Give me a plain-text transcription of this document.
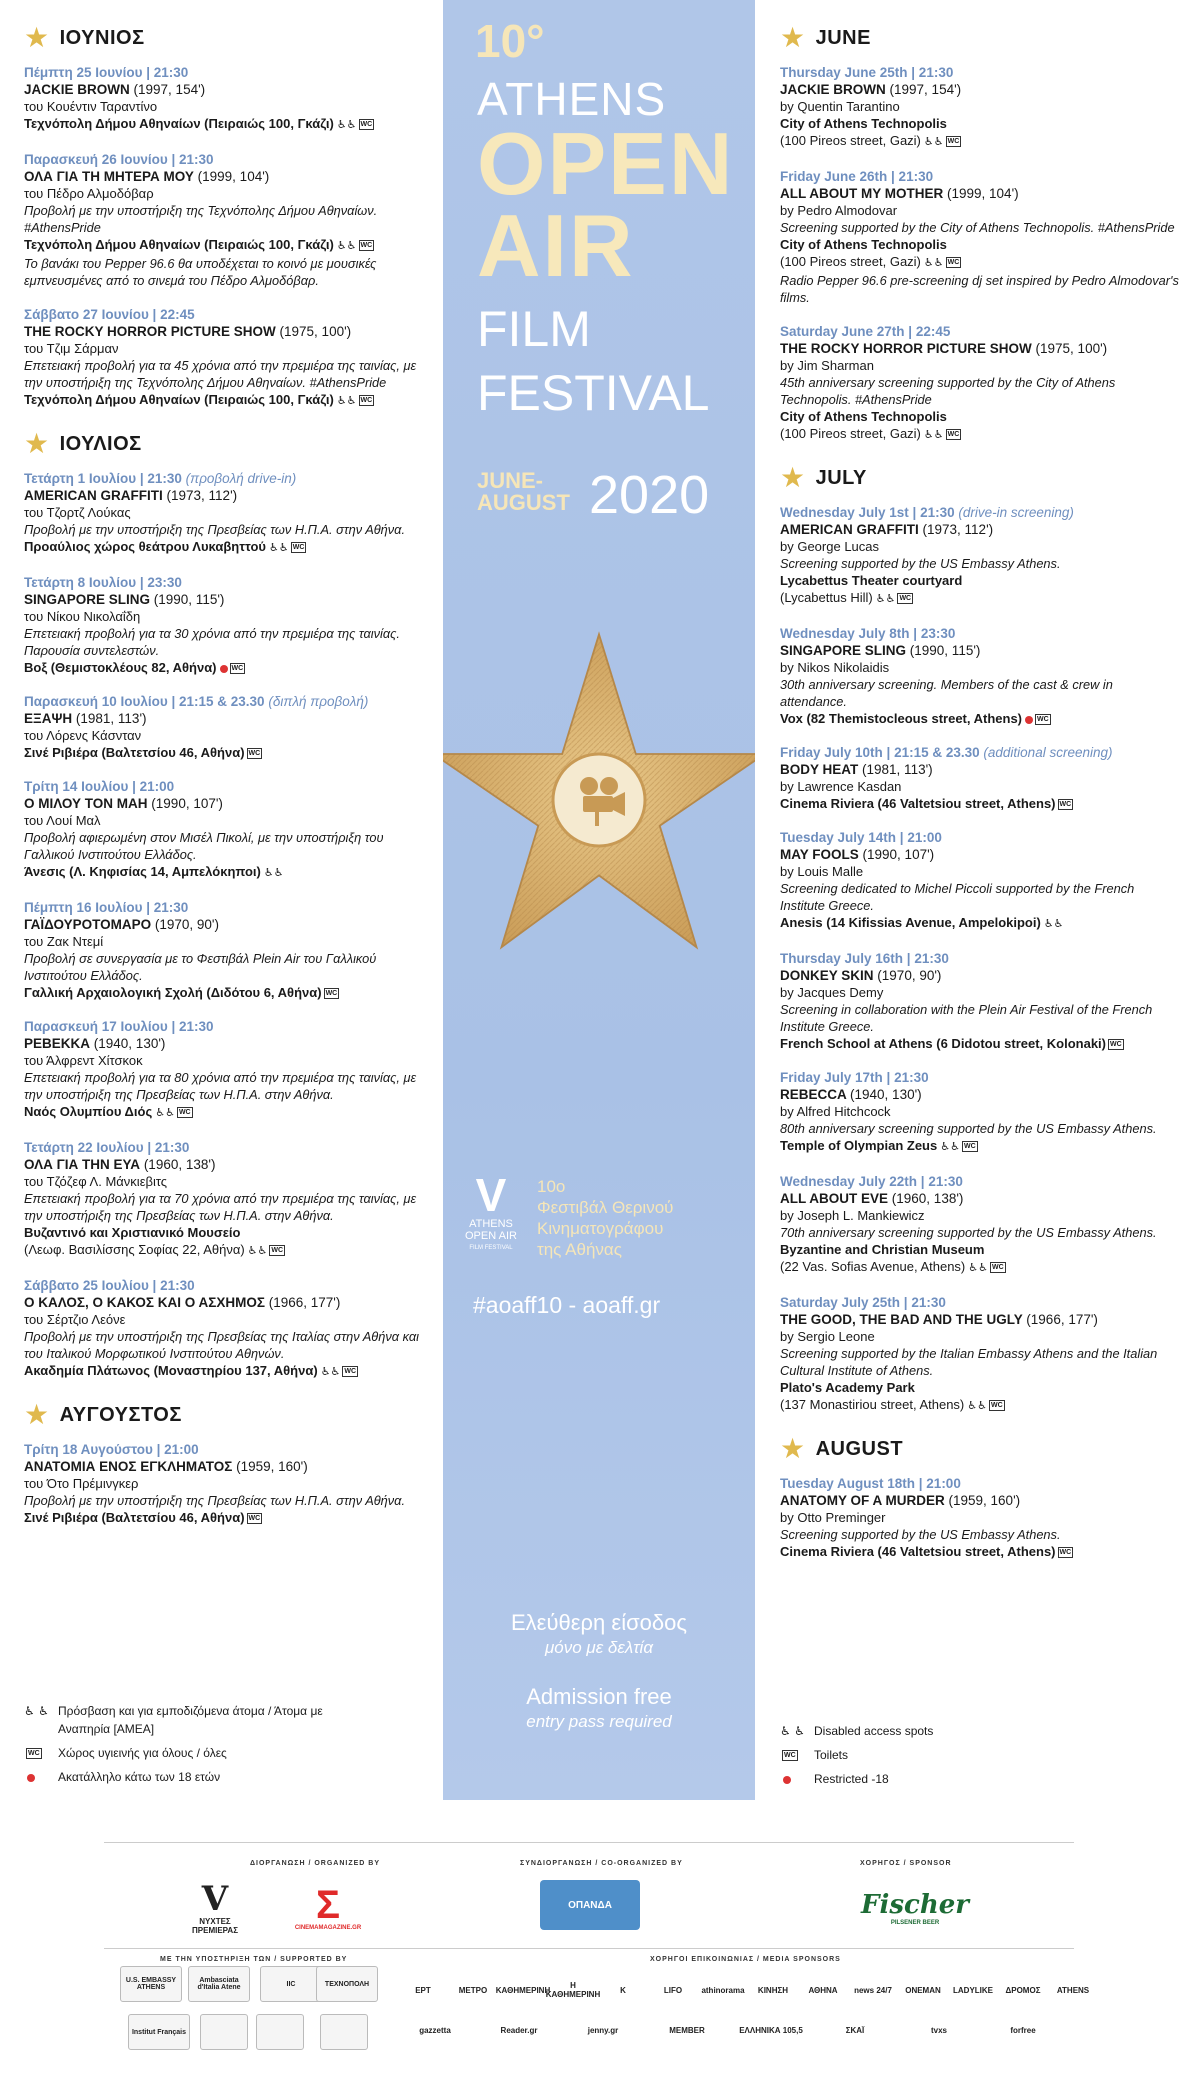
★ ΙΟΥΝΙΟΣ
Πέμπτη 25 Ιουνίου | 21:30
JACKIE BROWN (1997, 154')
του Κουέντιν Ταραντίνο
Τεχνόπολη Δήμου Αθηναίων (Πειραιώς 100, Γκάζι) ♿♿ WC
Παρασκευή 26 Ιουνίου | 21:30
ΟΛΑ ΓΙΑ ΤΗ ΜΗΤΕΡΑ ΜΟΥ (1999, 104')
του Πέδρο Αλμοδόβαρ
Προβολή με την υποστήριξη της Τεχνόπολης Δήμου Αθηναίων. #AthensPride
Τεχνόπολη Δήμου Αθηναίων (Πειραιώς 100, Γκάζι) ♿♿ WC
Το βανάκι του Pepper 96.6 θα υποδέχεται το κοινό με μουσικές εμπνευσμένες από το σινεμά του Πέδρο Αλμοδόβαρ.
Σάββατο 27 Ιουνίου | 22:45
THE ROCKY HORROR PICTURE SHOW (1975, 100')
του Τζιμ Σάρμαν
Επετειακή προβολή για τα 45 χρόνια από την πρεμιέρα της ταινίας, με την υποστήριξη της Τεχνόπολης Δήμου Αθηναίων. #AthensPride
Τεχνόπολη Δήμου Αθηναίων (Πειραιώς 100, Γκάζι) ♿♿ WC
★ ΙΟΥΛΙΟΣ
Τετάρτη 1 Ιουλίου | 21:30 (προβολή drive-in)
AMERICAN GRAFFITI (1973, 112')
του Τζορτζ Λούκας
Προβολή με την υποστήριξη της Πρεσβείας των Η.Π.Α. στην Αθήνα.
Προαύλιος χώρος θεάτρου Λυκαβηττού ♿♿ WC
Τετάρτη 8 Ιουλίου | 23:30
SINGAPORE SLING (1990, 115')
του Νίκου Νικολαΐδη
Επετειακή προβολή για τα 30 χρόνια από την πρεμιέρα της ταινίας. Παρουσία συντελεστών.
Βοξ (Θεμιστοκλέους 82, Αθήνα) WC
Παρασκευή 10 Ιουλίου | 21:15 & 23.30 (διπλή προβολή)
ΕΞΑΨΗ (1981, 113')
του Λόρενς Κάσνταν
Σινέ Ριβιέρα (Βαλτετσίου 46, Αθήνα) WC
Τρίτη 14 Ιουλίου | 21:00
Ο ΜΙΛΟΥ ΤΟΝ ΜΑΗ (1990, 107')
του Λουί Μαλ
Προβολή αφιερωμένη στον Μισέλ Πικολί, με την υποστήριξη του Γαλλικού Ινστιτούτου Ελλάδος.
Άνεσις (Λ. Κηφισίας 14, Αμπελόκηποι) ♿♿
Πέμπτη 16 Ιουλίου | 21:30
ΓΑΪΔΟΥΡΟΤΟΜΑΡΟ (1970, 90')
του Ζακ Ντεμί
Προβολή σε συνεργασία με το Φεστιβάλ Plein Air του Γαλλικού Ινστιτούτου Ελλάδος.
Γαλλική Αρχαιολογική Σχολή (Διδότου 6, Αθήνα) WC
Παρασκευή 17 Ιουλίου | 21:30
ΡΕΒΕΚΚΑ (1940, 130')
του Άλφρεντ Χίτσκοκ
Επετειακή προβολή για τα 80 χρόνια από την πρεμιέρα της ταινίας, με την υποστήριξη της Πρεσβείας των Η.Π.Α. στην Αθήνα.
Ναός Ολυμπίου Διός ♿♿ WC
Τετάρτη 22 Ιουλίου | 21:30
ΟΛΑ ΓΙΑ ΤΗΝ ΕΥΑ (1960, 138')
του Τζόζεφ Λ. Μάνκιεβιτς
Επετειακή προβολή για τα 70 χρόνια από την πρεμιέρα της ταινίας, με την υποστήριξη της Πρεσβείας των Η.Π.Α. στην Αθήνα.
Βυζαντινό και Χριστιανικό Μουσείο
(Λεωφ. Βασιλίσσης Σοφίας 22, Αθήνα) ♿♿ WC
Σάββατο 25 Ιουλίου | 21:30
Ο ΚΑΛΟΣ, Ο ΚΑΚΟΣ ΚΑΙ Ο ΑΣΧΗΜΟΣ (1966, 177')
του Σέρτζιο Λεόνε
Προβολή με την υποστήριξη της Πρεσβείας της Ιταλίας στην Αθήνα και του Ιταλικού Μορφωτικού Ινστιτούτου Αθηνών.
Ακαδημία Πλάτωνος (Μοναστηρίου 137, Αθήνα) ♿♿ WC
★ ΑΥΓΟΥΣΤΟΣ
Τρίτη 18 Αυγούστου | 21:00
ΑΝΑΤΟΜΙΑ ΕΝΟΣ ΕΓΚΛΗΜΑΤΟΣ (1959, 160')
του Ότο Πρέμινγκερ
Προβολή με την υποστήριξη της Πρεσβείας των Η.Π.Α. στην Αθήνα.
Σινέ Ριβιέρα (Βαλτετσίου 46, Αθήνα) WC
10°
ATHENS
OPEN
AIR
FILM
FESTIVAL
JUNE-
AUGUST 2020
V
ATHENS
OPEN AIR
FILM FESTIVAL
10ο
Φεστιβάλ Θερινού
Κινηματογράφου
της Αθήνας
#aoaff10 - aoaff.gr
Ελεύθερη είσοδος
μόνο με δελτία
Admission free
entry pass required
★ JUNE
Thursday June 25th | 21:30
JACKIE BROWN (1997, 154')
by Quentin Tarantino
City of Athens Technopolis
(100 Pireos street, Gazi) ♿♿ WC
Friday June 26th | 21:30
ALL ABOUT MY MOTHER (1999, 104')
by Pedro Almodovar
Screening supported by the City of Athens Technopolis. #AthensPride
City of Athens Technopolis
(100 Pireos street, Gazi) ♿♿ WC
Radio Pepper 96.6 pre-screening dj set inspired by Pedro Almodovar's films.
Saturday June 27th | 22:45
THE ROCKY HORROR PICTURE SHOW (1975, 100')
by Jim Sharman
45th anniversary screening supported by the City of Athens Technopolis. #AthensPride
City of Athens Technopolis
(100 Pireos street, Gazi) ♿♿ WC
★ JULY
Wednesday July 1st | 21:30 (drive-in screening)
AMERICAN GRAFFITI (1973, 112')
by George Lucas
Screening supported by the US Embassy Athens.
Lycabettus Theater courtyard
(Lycabettus Hill) ♿♿ WC
Wednesday July 8th | 23:30
SINGAPORE SLING (1990, 115')
by Nikos Nikolaidis
30th anniversary screening. Members of the cast & crew in attendance.
Vox (82 Themistocleous street, Athens) WC
Friday July 10th | 21:15 & 23.30 (additional screening)
BODY HEAT (1981, 113')
by Lawrence Kasdan
Cinema Riviera (46 Valtetsiou street, Athens) WC
Tuesday July 14th | 21:00
MAY FOOLS (1990, 107')
by Louis Malle
Screening dedicated to Michel Piccoli supported by the French Institute Greece.
Anesis (14 Kifissias Avenue, Ampelokipoi) ♿♿
Thursday July 16th | 21:30
DONKEY SKIN (1970, 90')
by Jacques Demy
Screening in collaboration with the Plein Air Festival of the French Institute Greece.
French School at Athens (6 Didotou street, Kolonaki) WC
Friday July 17th | 21:30
REBECCA (1940, 130')
by Alfred Hitchcock
80th anniversary screening supported by the US Embassy Athens.
Temple of Olympian Zeus ♿♿ WC
Wednesday July 22th | 21:30
ALL ABOUT EVE (1960, 138')
by Joseph L. Mankiewicz
70th anniversary screening supported by the US Embassy Athens.
Byzantine and Christian Museum
(22 Vas. Sofias Avenue, Athens) ♿♿ WC
Saturday July 25th | 21:30
THE GOOD, THE BAD AND THE UGLY (1966, 177')
by Sergio Leone
Screening supported by the Italian Embassy Athens and the Italian Cultural Institute of Athens.
Plato's Academy Park
(137 Monastiriou street, Athens) ♿♿ WC
★ AUGUST
Tuesday August 18th | 21:00
ANATOMY OF A MURDER (1959, 160')
by Otto Preminger
Screening supported by the US Embassy Athens.
Cinema Riviera (46 Valtetsiou street, Athens) WC
♿ ♿ Πρόσβαση και για εμποδιζόμενα άτομα / Άτομα με Αναπηρία [ΑΜΕΑ]
WC	Χώρος υγιεινής για όλους / όλες
Ακατάλληλο κάτω των 18 ετών
♿ ♿ Disabled access spots
WC	Toilets
Restricted -18
ΔΙΟΡΓΑΝΩΣΗ / ORGANIZED BY	ΣΥΝΔΙΟΡΓΑΝΩΣΗ / CO-ORGANIZED BY	ΧΟΡΗΓΟΣ / SPONSOR
V
ΝΥΧΤΕΣ ΠΡΕΜΙΕΡΑΣ
Σ
CINEMAMAGAZINE.GR
ΟΠΑΝΔΑ	Fischer
PILSENER BEER
ΜΕ ΤΗΝ ΥΠΟΣΤΗΡΙΞΗ ΤΩΝ / SUPPORTED BY	ΧΟΡΗΓΟΙ ΕΠΙΚΟΙΝΩΝΙΑΣ / MEDIA SPONSORS
U.S. EMBASSY ATHENS
Ambasciata d'Italia Atene	IIC	ΤΕΧΝΟΠΟΛΗ
Institut Français
ΕΡΤ	ΜΕΤΡΟ	ΚΑΘΗΜΕΡΙΝΗ	Η ΚΑΘΗΜΕΡΙΝΗ	K	LIFO	athinorama	ΚΙΝΗΣΗ	ΑΘΗΝΑ	news 24/7	ONEMAN	LADYLIKE	ΔΡΟΜΟΣ	ATHENS
gazzetta	Reader.gr	jenny.gr	MEMBER	ΕΛΛΗΝΙΚΑ 105,5	ΣΚΑΪ	tvxs	forfree
